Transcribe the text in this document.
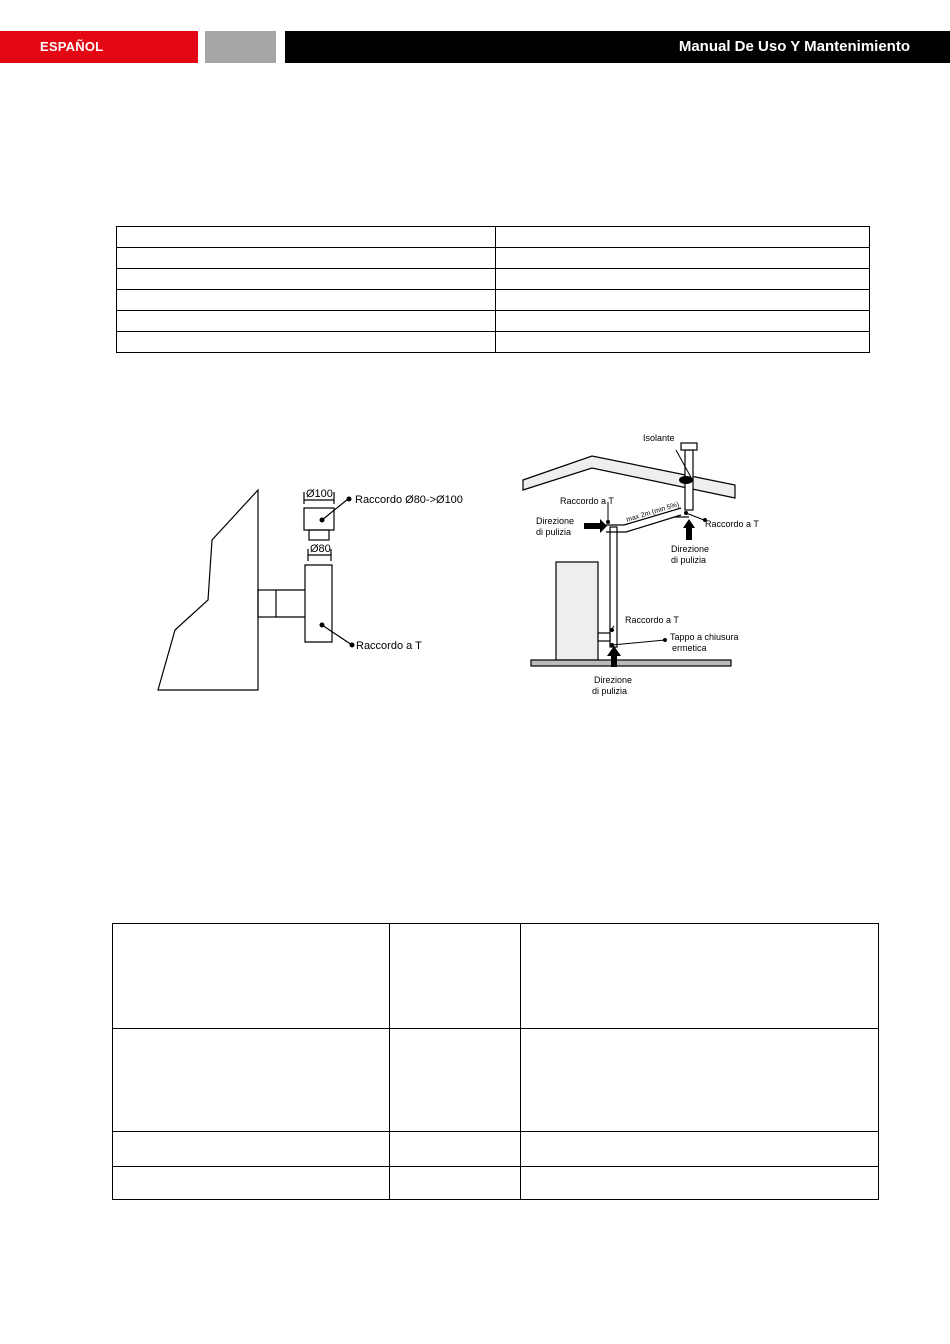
ESPAÑOL	Manual De Uso Y Mantenimiento

Ø100
Ø80
Raccordo Ø80->Ø100
Raccordo a T
Isolante
Raccordo a T
Direzione
di pulizia
max 2m (min 5%)
Raccordo a T
Direzione
di pulizia
Raccordo a T
Tappo a chiusura
ermetica
Direzione
di pulizia
